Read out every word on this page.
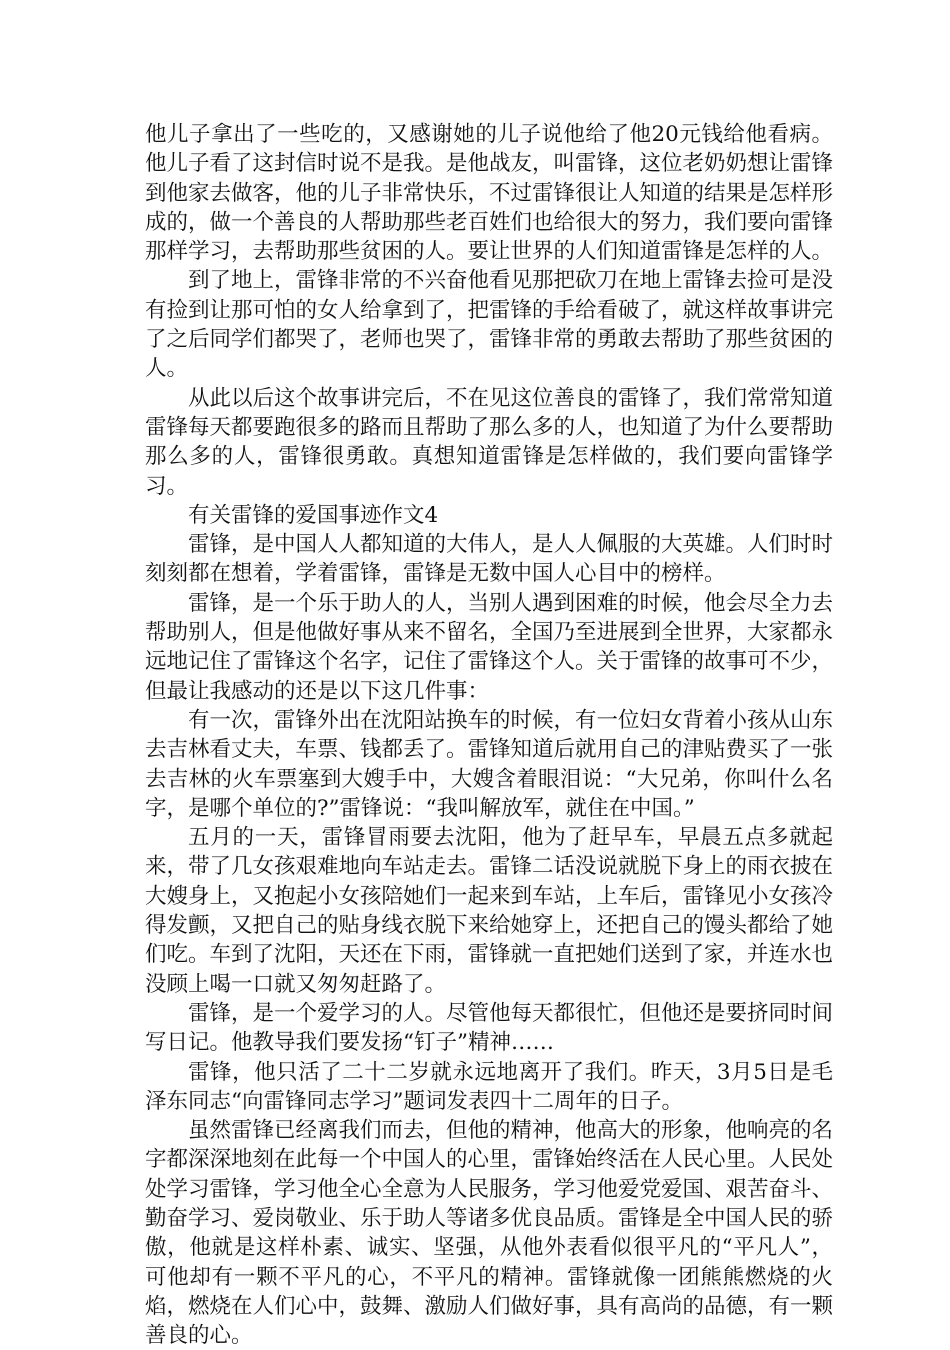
他儿子拿出了一些吃的，又感谢她的儿子说他给了他20元钱给他看病。他儿子看了这封信时说不是我。是他战友，叫雷锋，这位老奶奶想让雷锋到他家去做客，他的儿子非常快乐，不过雷锋很让人知道的结果是怎样形成的，做一个善良的人帮助那些老百姓们也给很大的努力，我们要向雷锋那样学习，去帮助那些贫困的人。要让世界的人们知道雷锋是怎样的人。

到了地上，雷锋非常的不兴奋他看见那把砍刀在地上雷锋去捡可是没有捡到让那可怕的女人给拿到了，把雷锋的手给看破了，就这样故事讲完了之后同学们都哭了，老师也哭了，雷锋非常的勇敢去帮助了那些贫困的人。

从此以后这个故事讲完后，不在见这位善良的雷锋了，我们常常知道雷锋每天都要跑很多的路而且帮助了那么多的人，也知道了为什么要帮助那么多的人，雷锋很勇敢。真想知道雷锋是怎样做的，我们要向雷锋学习。

有关雷锋的爱国事迹作文4

雷锋，是中国人人都知道的大伟人，是人人佩服的大英雄。人们时时刻刻都在想着，学着雷锋，雷锋是无数中国人心目中的榜样。

雷锋，是一个乐于助人的人，当别人遇到困难的时候，他会尽全力去帮助别人，但是他做好事从来不留名，全国乃至进展到全世界，大家都永远地记住了雷锋这个名字，记住了雷锋这个人。关于雷锋的故事可不少，但最让我感动的还是以下这几件事：

有一次，雷锋外出在沈阳站换车的时候，有一位妇女背着小孩从山东去吉林看丈夫，车票、钱都丢了。雷锋知道后就用自己的津贴费买了一张去吉林的火车票塞到大嫂手中，大嫂含着眼泪说：“大兄弟，你叫什么名字，是哪个单位的?”雷锋说：“我叫解放军，就住在中国。”

五月的一天，雷锋冒雨要去沈阳，他为了赶早车，早晨五点多就起来，带了几女孩艰难地向车站走去。雷锋二话没说就脱下身上的雨衣披在大嫂身上，又抱起小女孩陪她们一起来到车站，上车后，雷锋见小女孩冷得发颤，又把自己的贴身线衣脱下来给她穿上，还把自己的馒头都给了她们吃。车到了沈阳，天还在下雨，雷锋就一直把她们送到了家，并连水也没顾上喝一口就又匆匆赶路了。

雷锋，是一个爱学习的人。尽管他每天都很忙，但他还是要挤同时间写日记。他教导我们要发扬“钉子”精神……

雷锋，他只活了二十二岁就永远地离开了我们。昨天，3月5日是毛泽东同志“向雷锋同志学习”题词发表四十二周年的日子。

虽然雷锋已经离我们而去，但他的精神，他高大的形象，他响亮的名字都深深地刻在此每一个中国人的心里，雷锋始终活在人民心里。人民处处学习雷锋，学习他全心全意为人民服务，学习他爱党爱国、艰苦奋斗、勤奋学习、爱岗敬业、乐于助人等诸多优良品质。雷锋是全中国人民的骄傲，他就是这样朴素、诚实、坚强，从他外表看似很平凡的“平凡人”，可他却有一颗不平凡的心，不平凡的精神。雷锋就像一团熊熊燃烧的火焰，燃烧在人们心中，鼓舞、激励人们做好事，具有高尚的品德，有一颗善良的心。
